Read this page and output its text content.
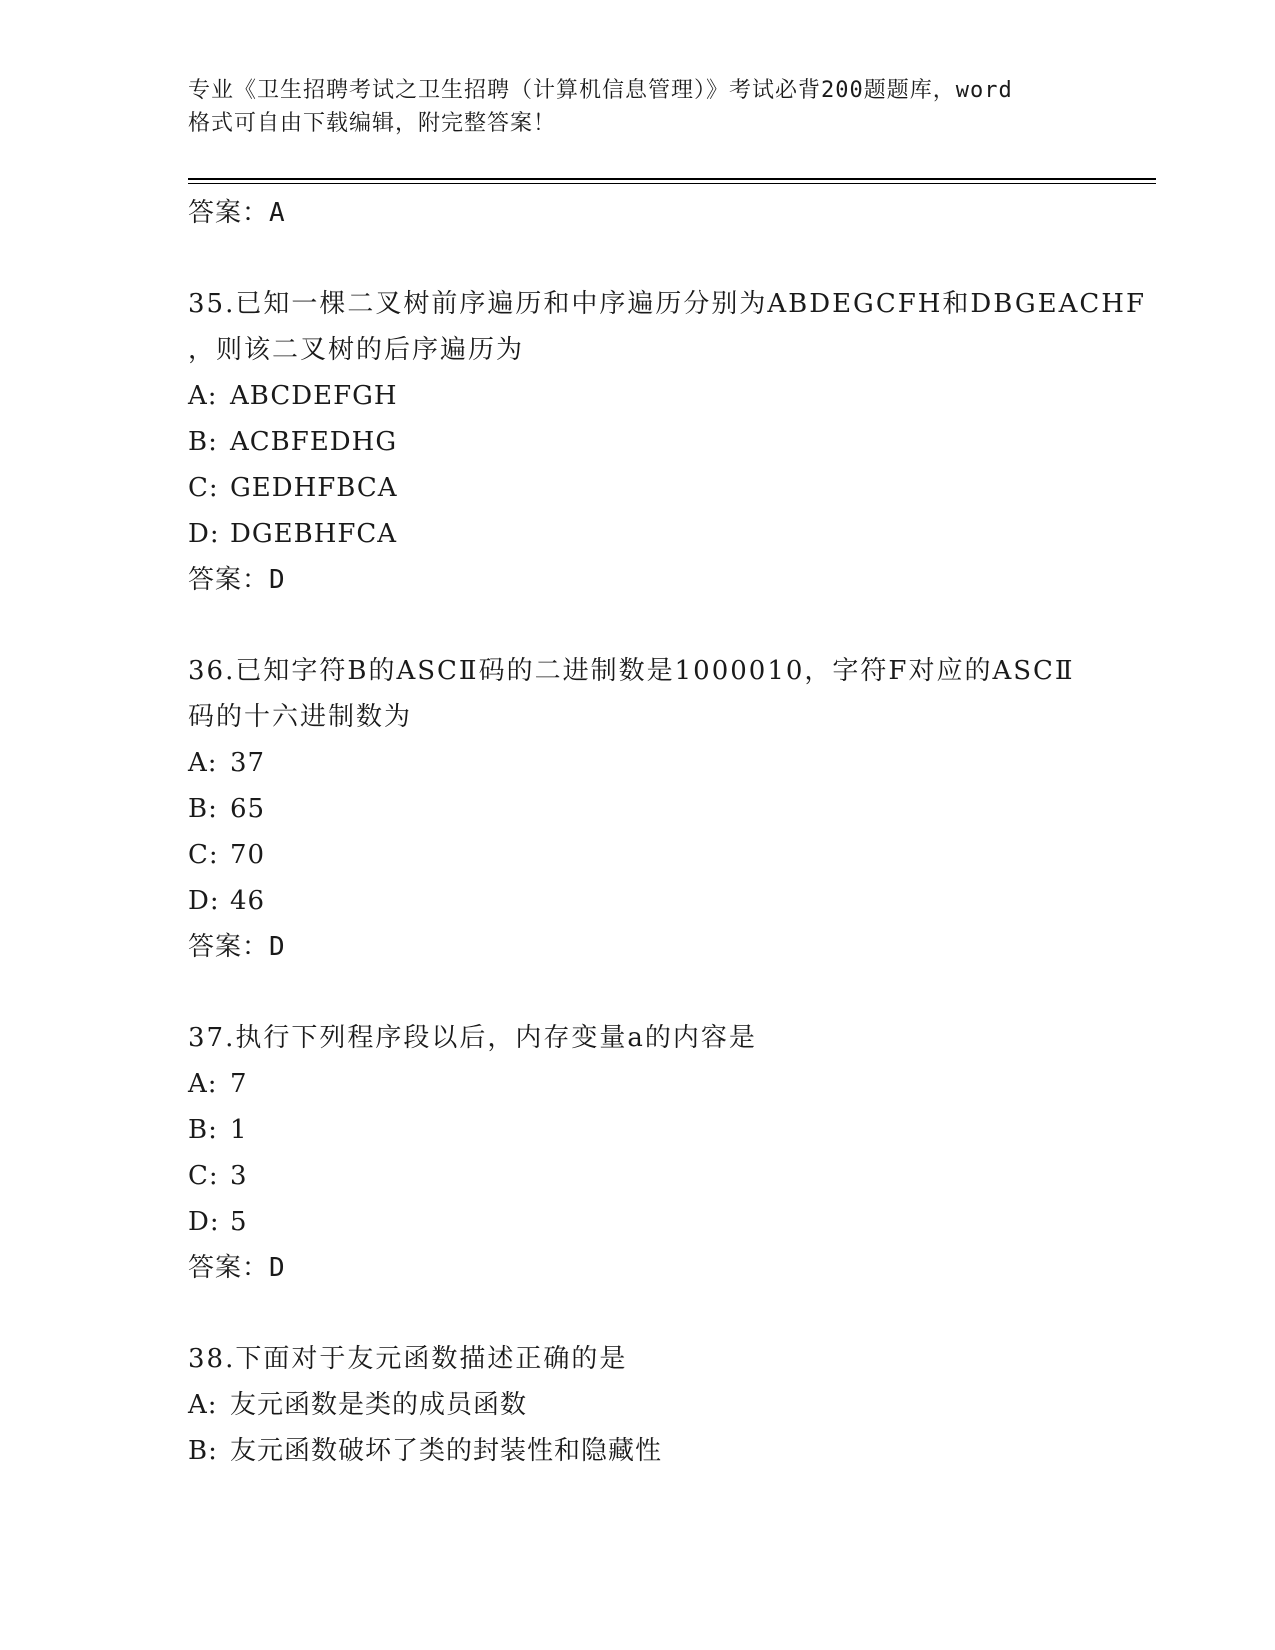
专业《卫生招聘考试之卫生招聘（计算机信息管理）》考试必背200题题库，word
格式可自由下载编辑，附完整答案！
答案：A
35.已知一棵二叉树前序遍历和中序遍历分别为ABDEGCFH和DBGEACHF
，则该二叉树的后序遍历为
A: ABCDEFGH
B: ACBFEDHG
C: GEDHFBCA
D: DGEBHFCA
答案：D
36.已知字符B的ASCⅡ码的二进制数是1000010，字符F对应的ASCⅡ
码的十六进制数为
A: 37
B: 65
C: 70
D: 46
答案：D
37.执行下列程序段以后，内存变量a的内容是
A: 7
B: 1
C: 3
D: 5
答案：D
38.下面对于友元函数描述正确的是
A: 友元函数是类的成员函数
B: 友元函数破坏了类的封装性和隐藏性
